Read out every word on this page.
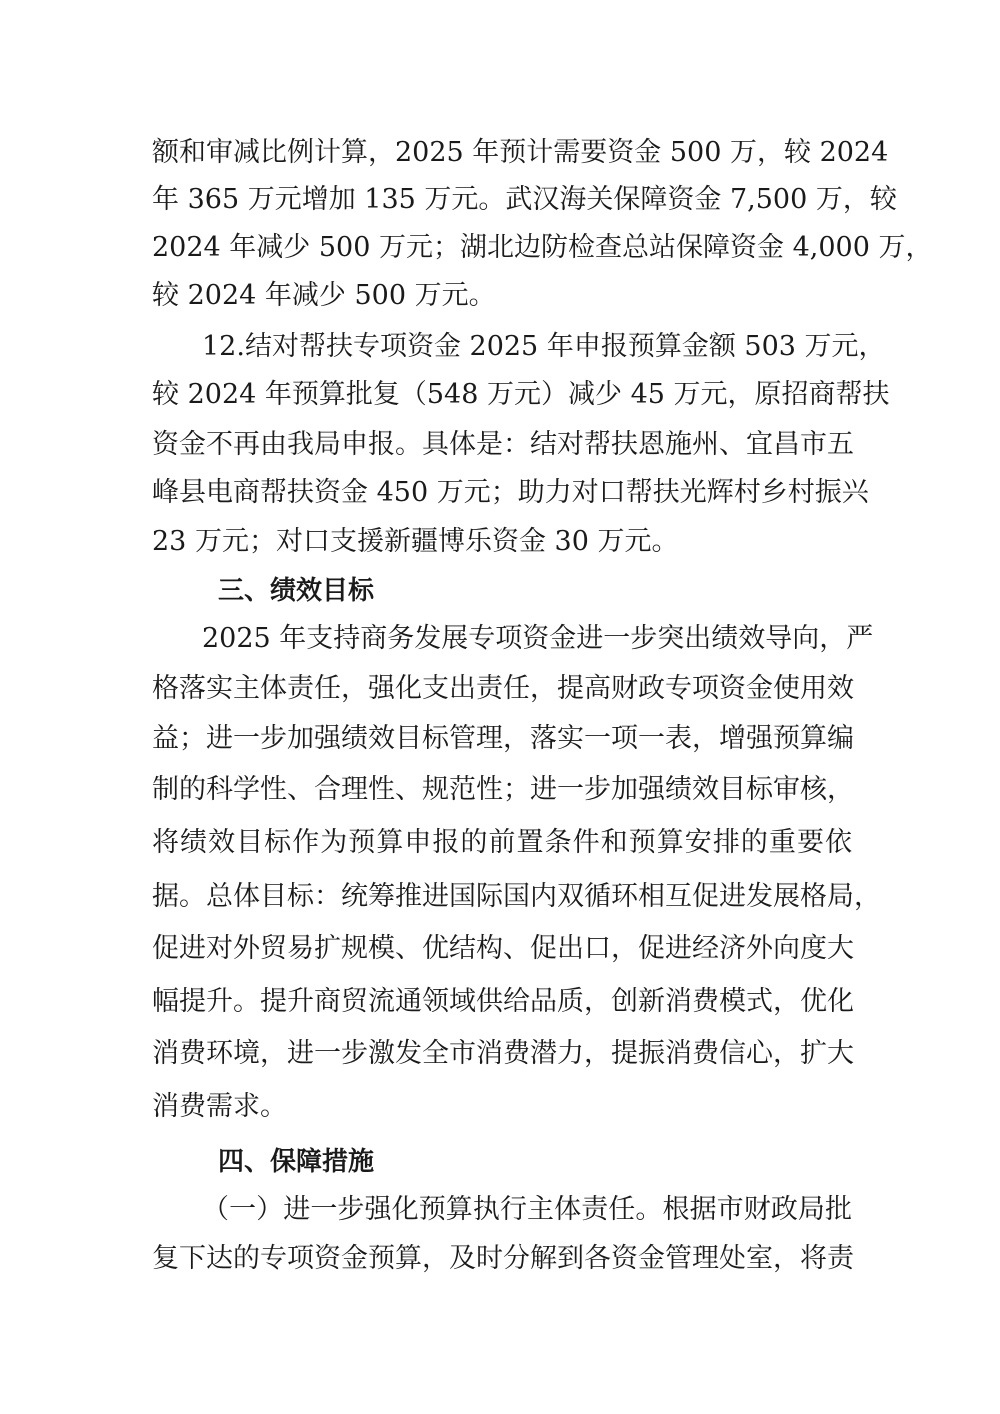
额和审减比例计算，2025 年预计需要资金 500 万，较 2024
年 365 万元增加 135 万元。武汉海关保障资金 7,500 万，较
2024 年减少 500 万元；湖北边防检查总站保障资金 4,000 万，
较 2024 年减少 500 万元。
12.结对帮扶专项资金 2025 年申报预算金额 503 万元，
较 2024 年预算批复（548 万元）减少 45 万元，原招商帮扶
资金不再由我局申报。具体是：结对帮扶恩施州、宜昌市五
峰县电商帮扶资金 450 万元；助力对口帮扶光辉村乡村振兴
23 万元；对口支援新疆博乐资金 30 万元。
三、绩效目标
2025 年支持商务发展专项资金进一步突出绩效导向，严
格落实主体责任，强化支出责任，提高财政专项资金使用效
益；进一步加强绩效目标管理，落实一项一表，增强预算编
制的科学性、合理性、规范性；进一步加强绩效目标审核，
将绩效目标作为预算申报的前置条件和预算安排的重要依
据。总体目标：统筹推进国际国内双循环相互促进发展格局，
促进对外贸易扩规模、优结构、促出口，促进经济外向度大
幅提升。提升商贸流通领域供给品质，创新消费模式，优化
消费环境，进一步激发全市消费潜力，提振消费信心，扩大
消费需求。
四、保障措施
（一）进一步强化预算执行主体责任。根据市财政局批
复下达的专项资金预算，及时分解到各资金管理处室，将责
